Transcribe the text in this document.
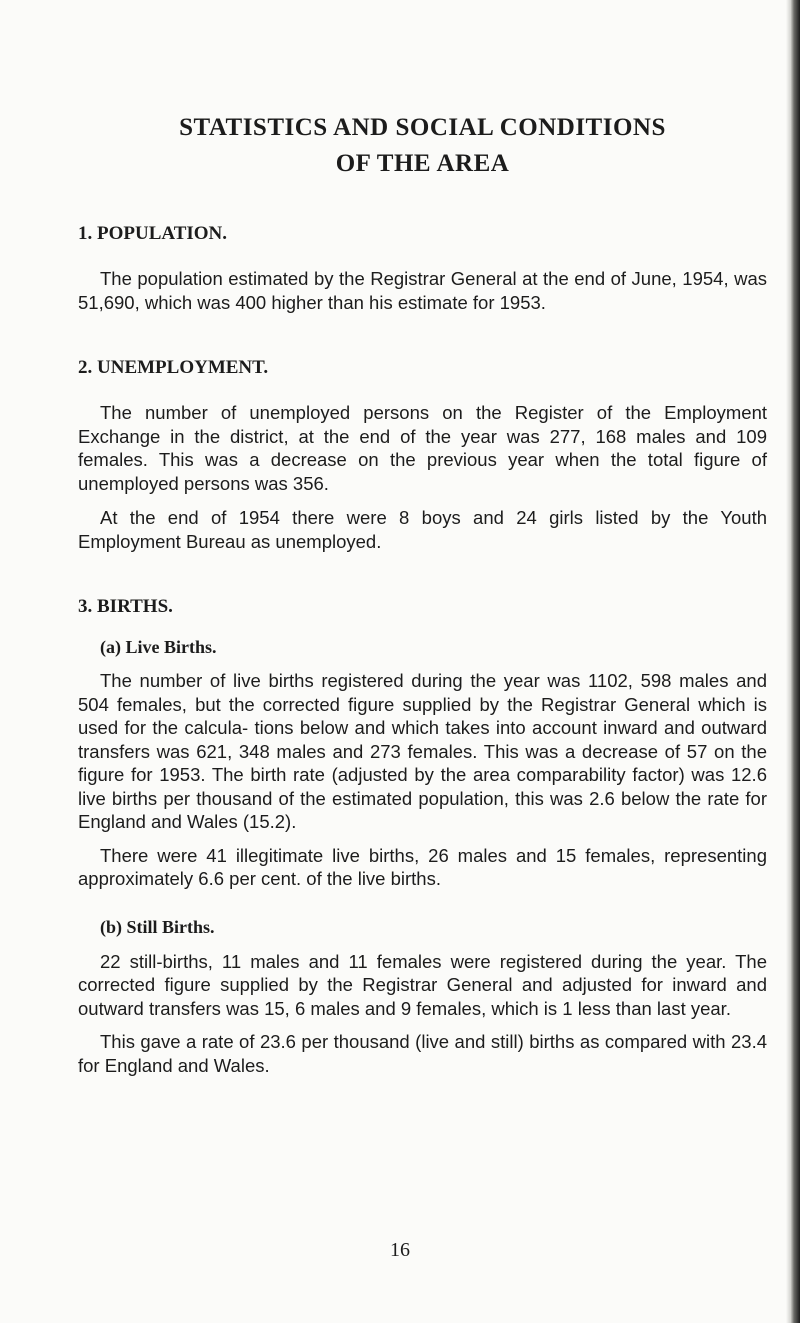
STATISTICS AND SOCIAL CONDITIONS
OF THE AREA
1. POPULATION.

The population estimated by the Registrar General at the end of June, 1954, was 51,690, which was 400 higher than his estimate for 1953.

2. UNEMPLOYMENT.

The number of unemployed persons on the Register of the Employment Exchange in the district, at the end of the year was 277, 168 males and 109 females. This was a decrease on the previous year when the total figure of unemployed persons was 356.

At the end of 1954 there were 8 boys and 24 girls listed by the Youth Employment Bureau as unemployed.

3. BIRTHS.
(a) Live Births.

The number of live births registered during the year was 1102, 598 males and 504 females, but the corrected figure supplied by the Registrar General which is used for the calcula- tions below and which takes into account inward and outward transfers was 621, 348 males and 273 females. This was a decrease of 57 on the figure for 1953. The birth rate (adjusted by the area comparability factor) was 12.6 live births per thousand of the estimated population, this was 2.6 below the rate for England and Wales (15.2).

There were 41 illegitimate live births, 26 males and 15 females, representing approximately 6.6 per cent. of the live births.

(b) Still Births.

22 still-births, 11 males and 11 females were registered during the year. The corrected figure supplied by the Registrar General and adjusted for inward and outward transfers was 15, 6 males and 9 females, which is 1 less than last year.

This gave a rate of 23.6 per thousand (live and still) births as compared with 23.4 for England and Wales.

16
